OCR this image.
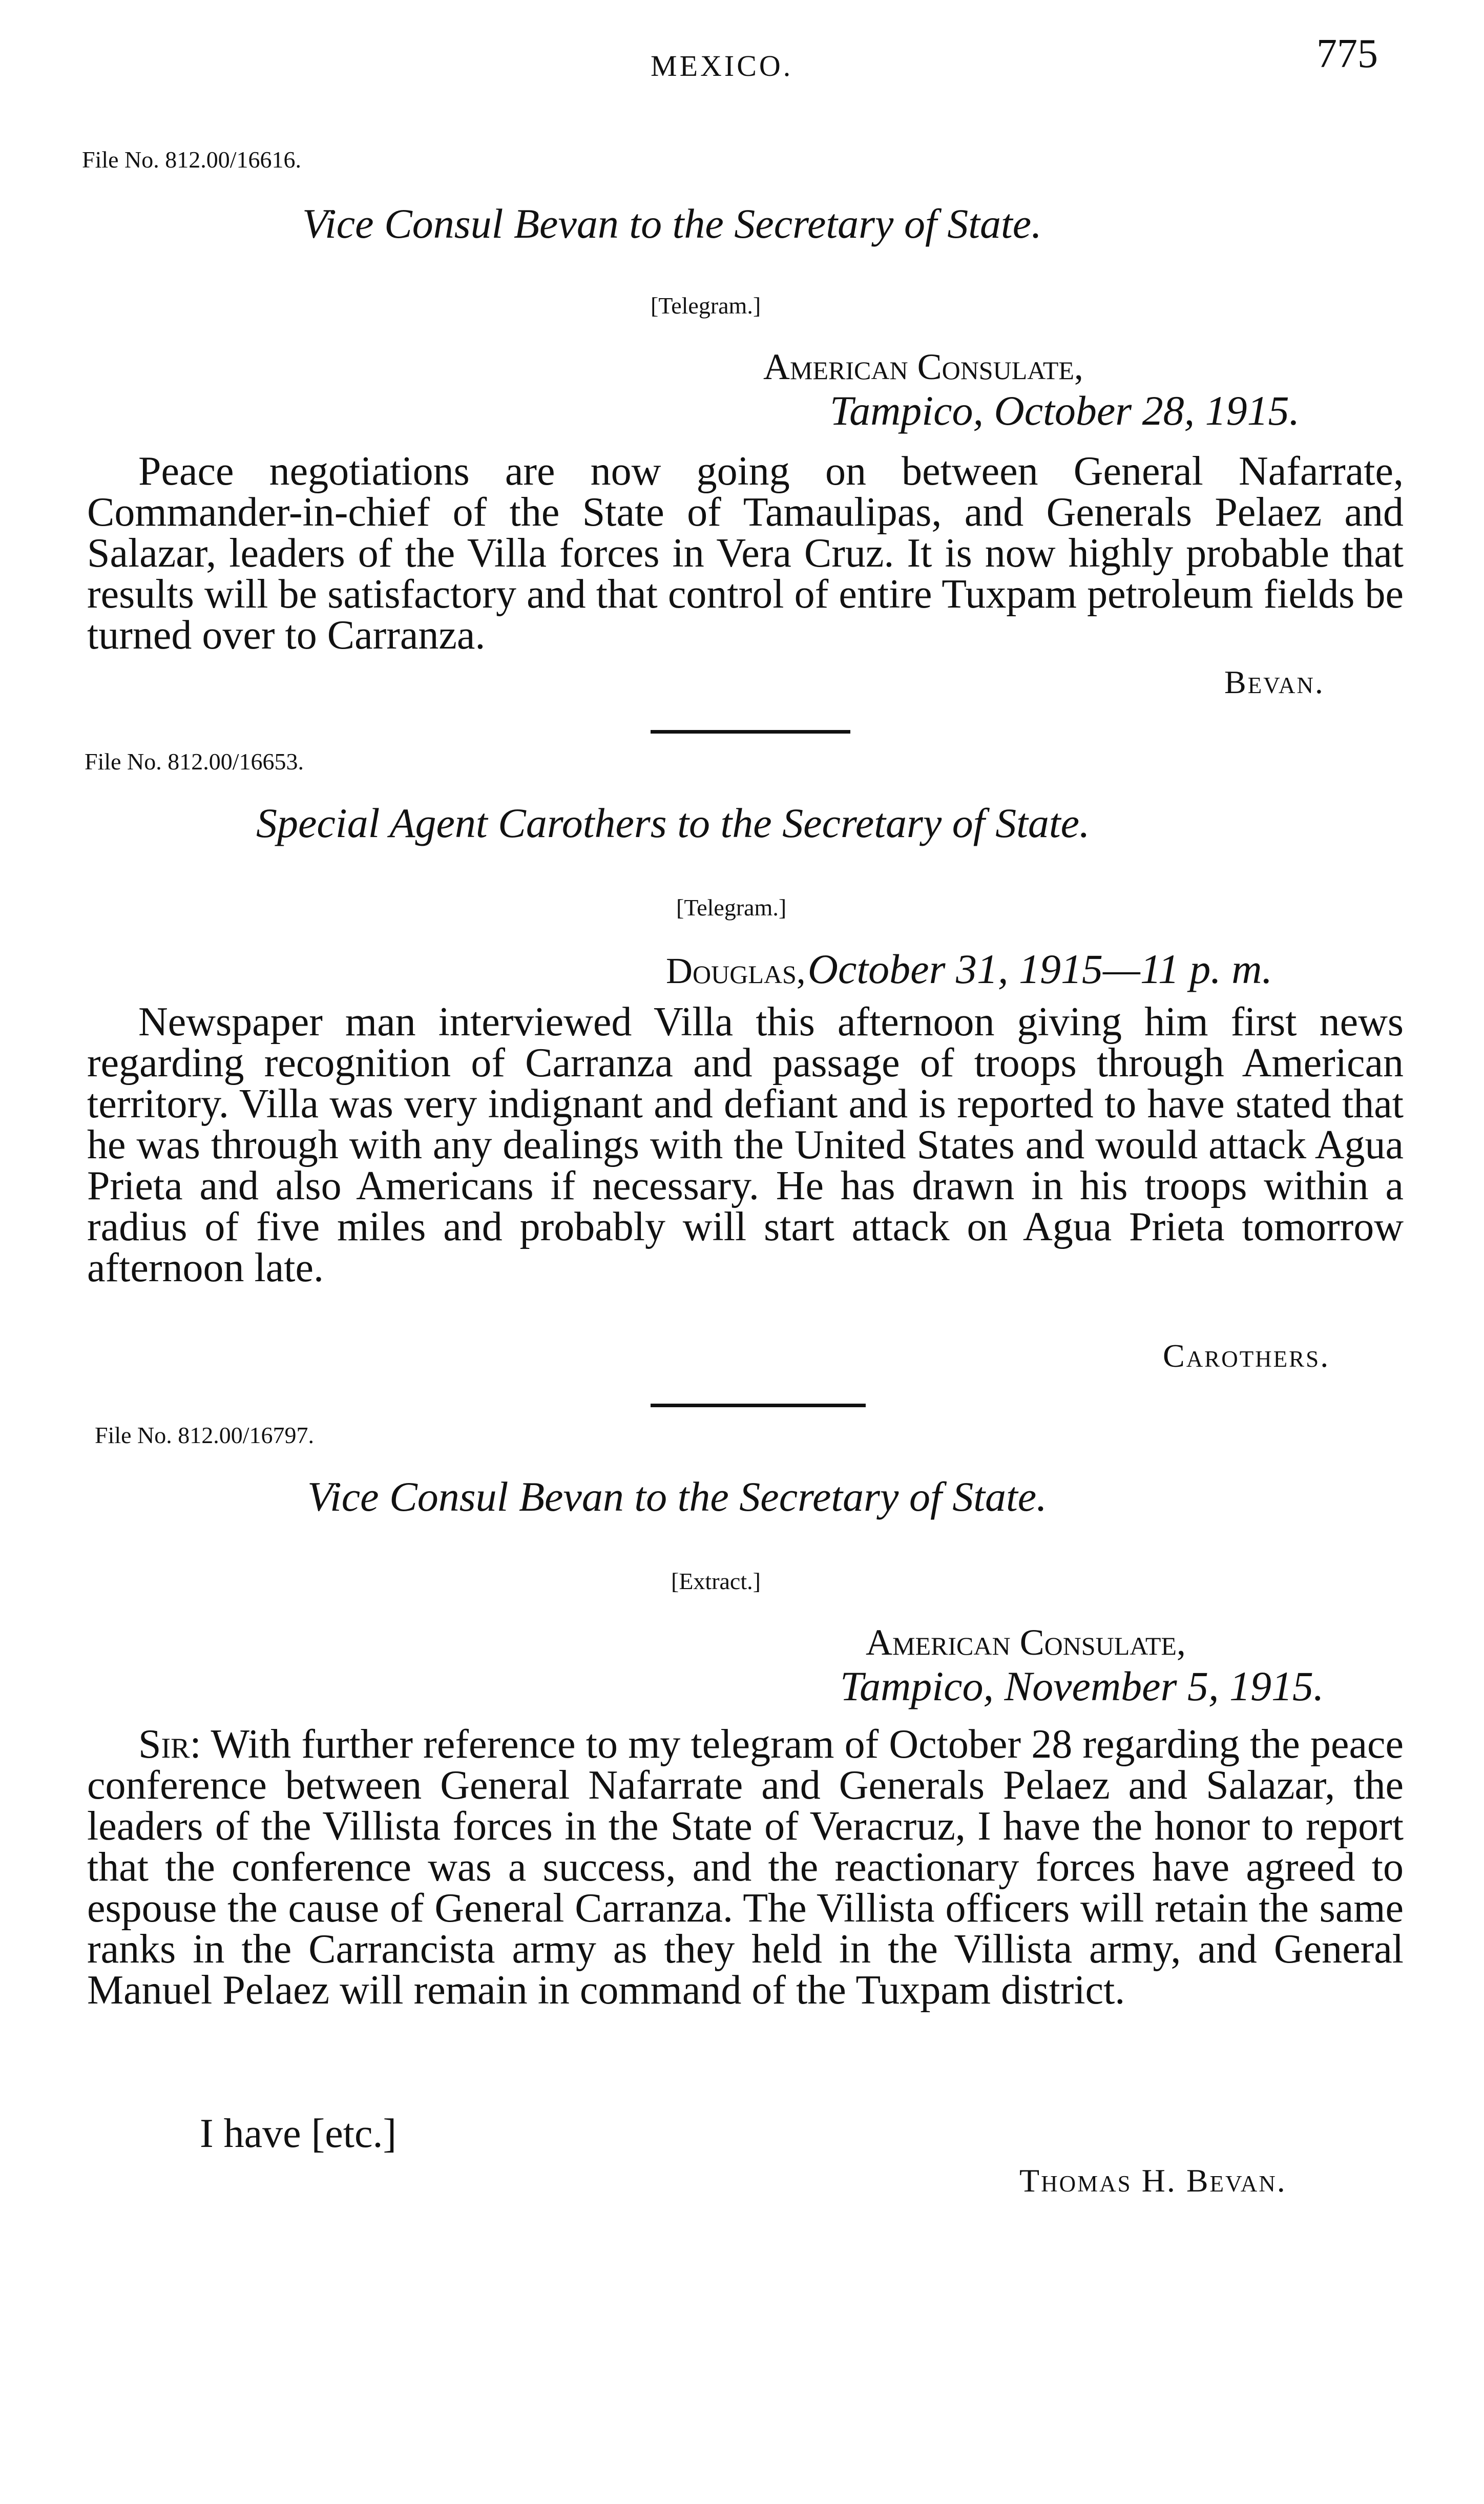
MEXICO.	775
File No. 812.00/16616.
Vice Consul Bevan to the Secretary of State.
[Telegram.]
American Consulate,
Tampico, October 28, 1915.

Peace negotiations are now going on between General Nafarrate, Commander-in-chief of the State of Tamaulipas, and Generals Pelaez and Salazar, leaders of the Villa forces in Vera Cruz. It is now highly probable that results will be satisfactory and that control of entire Tuxpam petroleum fields be turned over to Carranza.

Bevan.
File No. 812.00/16653.
Special Agent Carothers to the Secretary of State.
[Telegram.]
Douglas, October 31, 1915—11 p. m.

Newspaper man interviewed Villa this afternoon giving him first news regarding recognition of Carranza and passage of troops through American territory. Villa was very indignant and defiant and is reported to have stated that he was through with any dealings with the United States and would attack Agua Prieta and also Americans if necessary. He has drawn in his troops within a radius of five miles and probably will start attack on Agua Prieta tomorrow afternoon late.

Carothers.
File No. 812.00/16797.
Vice Consul Bevan to the Secretary of State.
[Extract.]
American Consulate,
Tampico, November 5, 1915.

Sir: With further reference to my telegram of October 28 regarding the peace conference between General Nafarrate and Generals Pelaez and Salazar, the leaders of the Villista forces in the State of Veracruz, I have the honor to report that the conference was a success, and the reactionary forces have agreed to espouse the cause of General Carranza. The Villista officers will retain the same ranks in the Carrancista army as they held in the Villista army, and General Manuel Pelaez will remain in command of the Tuxpam district.

I have [etc.]
Thomas H. Bevan.
